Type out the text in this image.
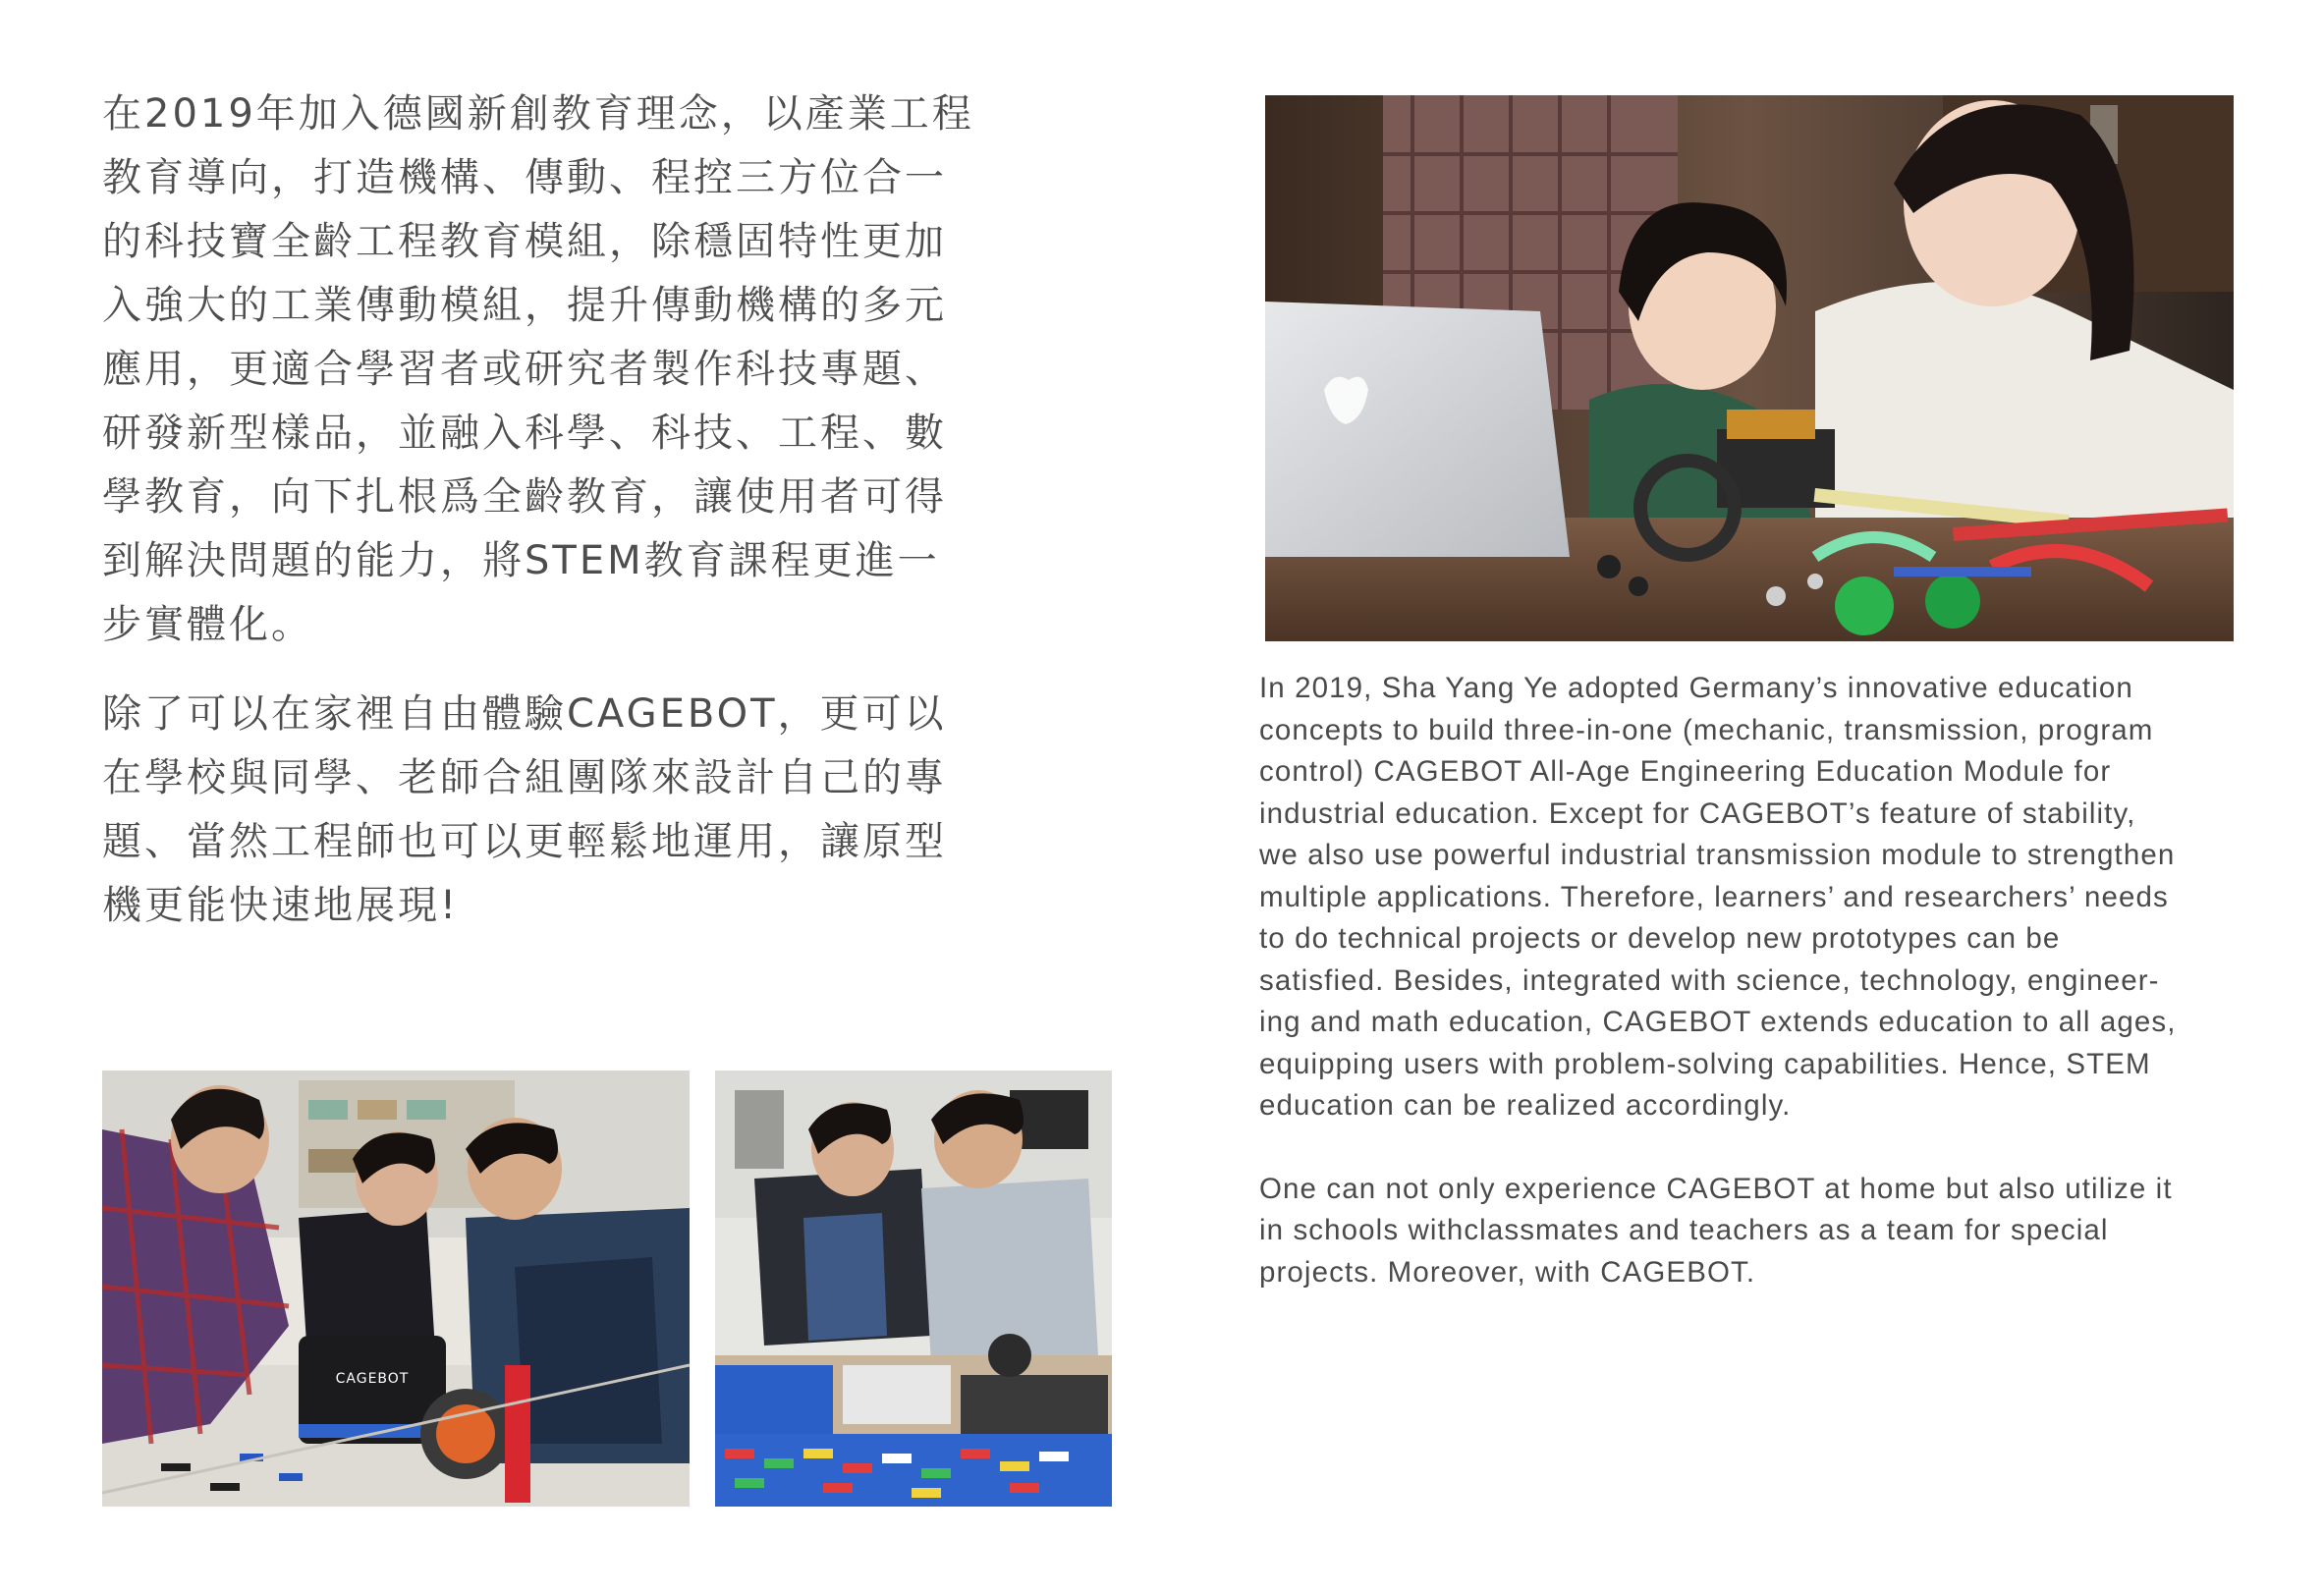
在2019年加入德國新創教育理念，以產業工程
教育導向，打造機構、傳動、程控三方位合一
的科技寶全齡工程教育模組，除穩固特性更加
入強大的工業傳動模組，提升傳動機構的多元
應用，更適合學習者或研究者製作科技專題、
研發新型樣品，並融入科學、科技、工程、數
學教育，向下扎根爲全齡教育，讓使用者可得
到解決問題的能力，將STEM教育課程更進一
步實體化。

除了可以在家裡自由體驗CAGEBOT，更可以
在學校與同學、老師合組團隊來設計自己的專
題、當然工程師也可以更輕鬆地運用，讓原型
機更能快速地展現!

In 2019, Sha Yang Ye adopted Germany’s innovative education
concepts to build three-in-one (mechanic, transmission, program
control) CAGEBOT All-Age Engineering Education Module for
industrial education. Except for CAGEBOT’s feature of stability,
we also use powerful industrial transmission module to strengthen
multiple applications. Therefore, learners’ and researchers’ needs
to do technical projects or develop new prototypes can be
satisfied. Besides, integrated with science, technology, engineer-
ing and math education, CAGEBOT extends education to all ages,
equipping users with problem-solving capabilities. Hence, STEM
education can be realized accordingly.

One can not only experience CAGEBOT at home but also utilize it
in schools withclassmates and teachers as a team for special
projects. Moreover, with CAGEBOT.

CAGEBOT
